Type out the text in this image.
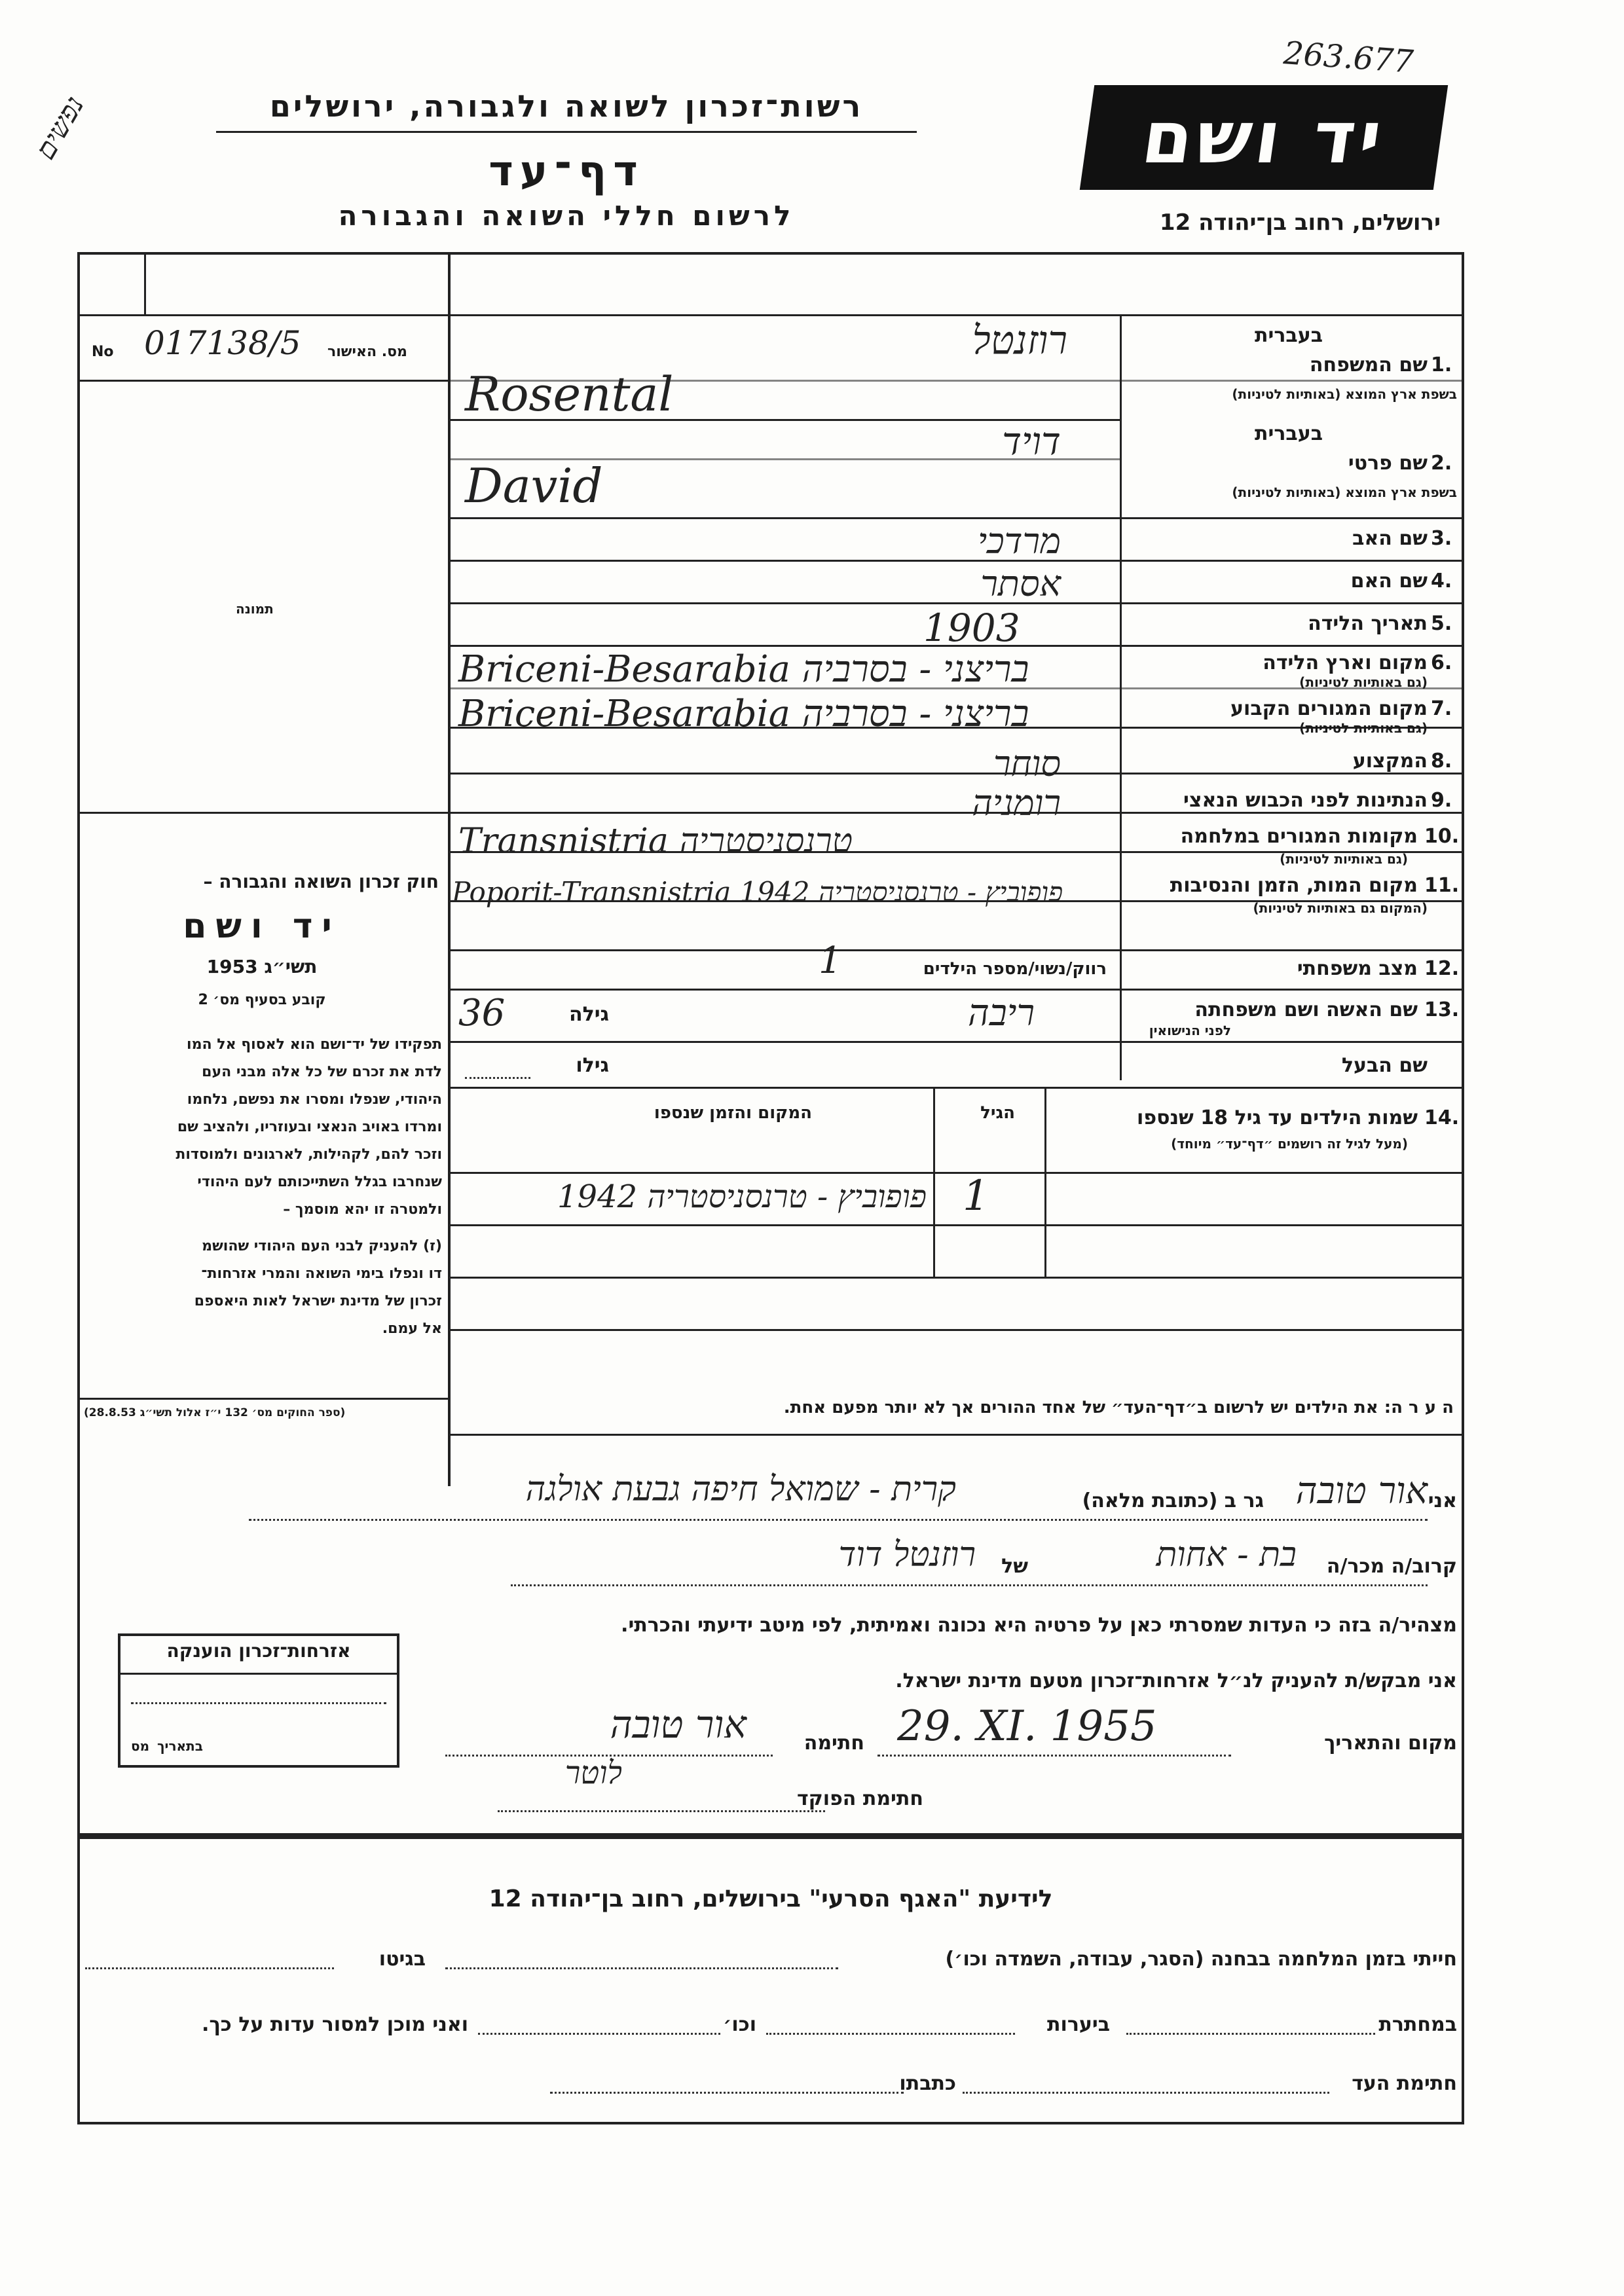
263.677
נפשים	רשות־זכרון לשואה ולגבורה, ירושלים
דף־עד
לרשום חללי השואה והגבורה
יד ושם
ירושלים, רחוב בן־יהודה 12
מס. האישור
017138/5
No
תמונה
חוק זכרון השואה והגבורה –
יד ושם
תשי״ג 1953
קובע בסעיף מס׳ 2
תפקידו של יד־ושם הוא לאסוף אל המו
לדת את זכרם של כל אלה מבני העם
היהודי, שנפלו ומסרו את נפשם, נלחמו
ומרדו באויב הנאצי ובעוזריו, ולהציב שם
וזכר להם, לקהילות, לארגונים ולמוסדות
שנחרבו בגלל השתייכותם לעם היהודי
ולמטרה זו יהא מוסמך –
(ז) להעניק לבני העם היהודי שהושמ
דו ונפלו בימי השואה והמרי אזרחות־
זכרון של מדינת ישראל לאות היאספם
אל עמם.
(ספר החוקים מס׳ 132 י״ז אלול תשי״ג 28.8.53)
בעברית
1.
שם המשפחה
בשפת ארץ המוצא (באותיות לטיניות)
רוזנטל
Rosental
בעברית
2.
שם פרטי
בשפת ארץ המוצא (באותיות לטיניות)
דויד
David
3.
שם האב
מרדכי
4.
שם האם
אסתר
5.
תאריך הלידה
1903
6.
מקום וארץ הלידה
(גם באותיות לטיניות)
Briceni-Besarabia בריצני - בסרביה
7.
מקום המגורים הקבוע
(גם באותיות לטיניות)
Briceni-Besarabia בריצני - בסרביה
8.
המקצוע
סוחר
9.
הנתינות לפני הכבוש הנאצי
רומניה
10.
מקומות המגורים במלחמה
(גם באותיות לטיניות)
Transnistria טרנסניסטריה
11.
מקום המות, הזמן והנסיבות
(המקום גם באותיות לטיניות)
Poporit-Transnistria 1942 פופוביץ - טרנסניסטריה
12.
מצב משפחתי
רווק/נשוי/מספר הילדים
1
13.
שם האשה ושם משפחתה
לפני הנישואין
ריבה
גילה
36
שם הבעל
גילו
14.
שמות הילדים עד גיל 18 שנספו
(מעל לגיל זה רושמים ״דף־עד״ מיוחד)
הגיל
המקום והזמן שנספו
1
פופוביץ - טרנסניסטריה 1942
ה ע ר ה: את הילדים יש לרשום ב״דף־העד״ של אחד ההורים אך לא יותר מפעם אחת.
אני
אור טובה
גר ב (כתובת מלאה)
קרית - שמואל חיפה גבעת אולגה
קרוב/ה מכר/ה
בת - אחות
של
רוזנטל דוד
מצהיר/ה בזה כי העדות שמסרתי כאן על פרטיה היא נכונה ואמיתית, לפי מיטב ידיעתי והכרתי.
אני מבקש/ת להעניק לנ״ל אזרחות־זכרון מטעם מדינת ישראל.
מקום והתאריך
29. XI. 1955
חתימה
אור טובה
חתימת הפוקד
לוטר
אזרחות־זכרון הוענקה
בתאריך
מס
לידיעת "האגף הסרעי" בירושלים, רחוב בן־יהודה 12
חייתי בזמן המלחמה בבחנה (הסגר, עבודה, השמדה וכו׳)
בגיטו
במחתרת
ביערות
וכו׳
ואני מוכן למסור עדות על כך.
חתימת העד
כתבתו
